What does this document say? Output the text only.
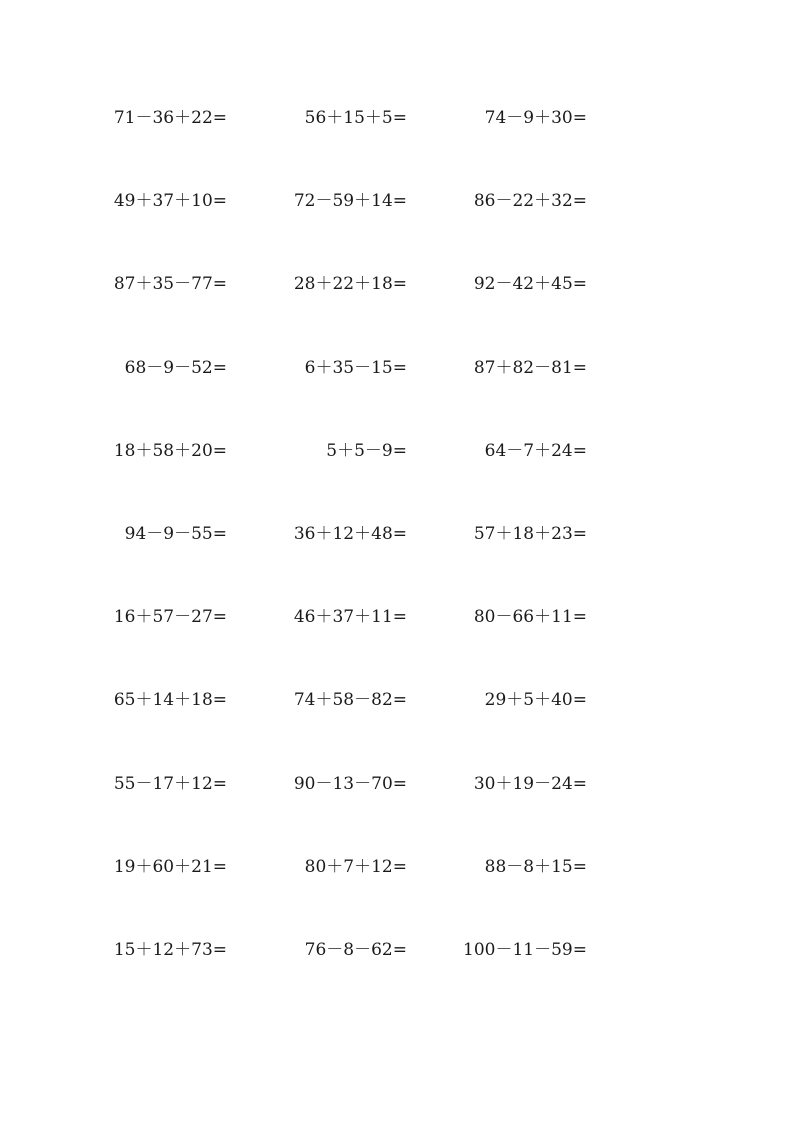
71－36＋22=	56＋15＋5=	74－9＋30=
49＋37＋10=	72－59＋14=	86－22＋32=
87＋35－77=	28＋22＋18=	92－42＋45=
68－9－52=	6＋35－15=	87＋82－81=
18＋58＋20=	5＋5－9=	64－7＋24=
94－9－55=	36＋12＋48=	57＋18＋23=
16＋57－27=	46＋37＋11=	80－66＋11=
65＋14＋18=	74＋58－82=	29＋5＋40=
55－17＋12=	90－13－70=	30＋19－24=
19＋60＋21=	80＋7＋12=	88－8＋15=
15＋12＋73=	76－8－62=	100－11－59=
